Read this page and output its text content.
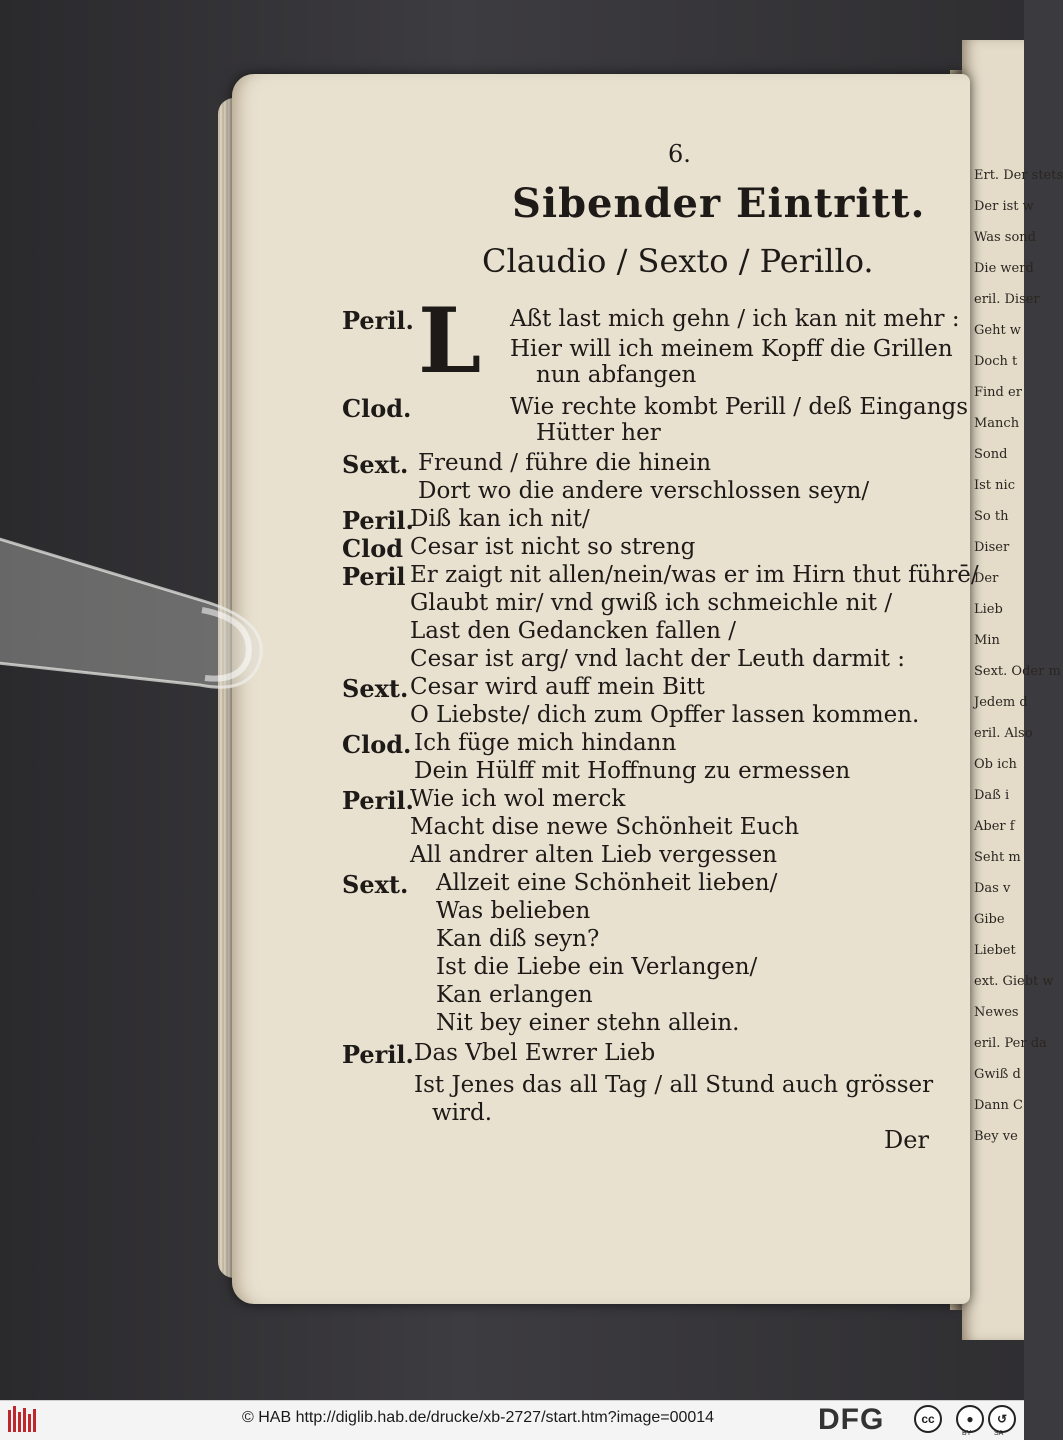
Ert. Der stets
Der ist w
Was sond
Die werd
eril. Diser
Geht w
Doch t
Find er
Manch
Sond
Ist nic
So th
Diser
Der
Lieb
Min
Sext. Oder m
Jedem d
eril. Also
Ob ich
Daß i
Aber f
Seht m
Das v
Gibe
Liebet
ext. Giebt w
Newes
eril. Per da
Gwiß d
Dann C
Bey ve
6.
Sibender Eintritt.
Claudio / Sexto / Perillo.
L
Peril.	Aßt last mich gehn / ich kan nit mehr :
Hier will ich meinem Kopff die Grillen
nun abfangen
Clod.	Wie rechte kombt Perill / deß Eingangs
Hütter her
Sext. Freund / führe die hinein
Dort wo die andere verschlossen seyn/
Peril.
Diß kan ich nit/
Clod Cesar ist nicht so streng
Peril Er zaigt nit allen/nein/was er im Hirn thut führē/
Glaubt mir/ vnd gwiß ich schmeichle nit /
Last den Gedancken fallen /
Cesar ist arg/ vnd lacht der Leuth darmit :
Sext. Cesar wird auff mein Bitt
O Liebste/ dich zum Opffer lassen kommen.
Clod. Ich füge mich hindann
Dein Hülff mit Hoffnung zu ermessen
Peril.
Wie ich wol merck
Macht dise newe Schönheit Euch
All andrer alten Lieb vergessen
Sext. Allzeit eine Schönheit lieben/
Was belieben
Kan diß seyn?
Ist die Liebe ein Verlangen/
Kan erlangen
Nit bey einer stehn allein.
Peril. Das Vbel Ewrer Lieb
Ist Jenes das all Tag / all Stund auch grösser
wird.
Der
© HAB http://diglib.hab.de/drucke/xb-2727/start.htm?image=00014	DFG	cc	●
BY
↺
SA
